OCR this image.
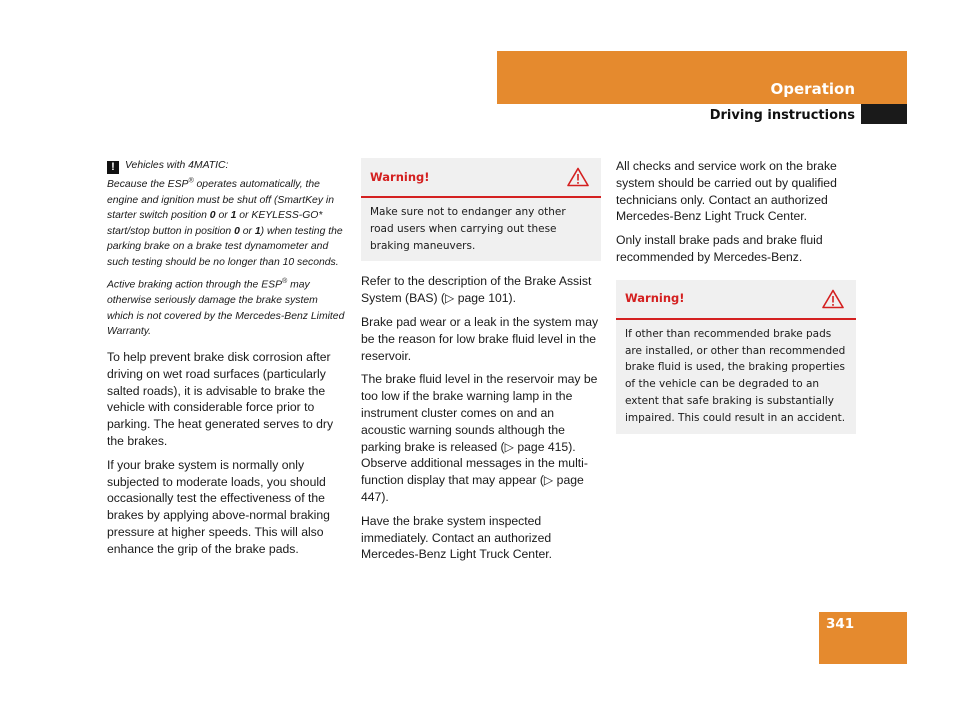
Operation
Driving instructions
! Vehicles with 4MATIC:
Because the ESP® operates automatically, the engine and ignition must be shut off (SmartKey in starter switch position 0 or 1 or KEYLESS-GO* start/stop button in position 0 or 1) when testing the parking brake on a brake test dynamometer and such testing should be no longer than 10 seconds.
Active braking action through the ESP® may otherwise seriously damage the brake system which is not covered by the Mercedes-Benz Limited Warranty.

To help prevent brake disk corrosion after driving on wet road surfaces (particularly salted roads), it is advisable to brake the vehicle with considerable force prior to parking. The heat generated serves to dry the brakes.

If your brake system is normally only subjected to moderate loads, you should occasionally test the effectiveness of the brakes by applying above-normal braking pressure at higher speeds. This will also enhance the grip of the brake pads.

Warning!
Make sure not to endanger any other road users when carrying out these braking maneuvers.

Refer to the description of the Brake Assist System (BAS) (▷ page 101).

Brake pad wear or a leak in the system may be the reason for low brake fluid level in the reservoir.

The brake fluid level in the reservoir may be too low if the brake warning lamp in the instrument cluster comes on and an acoustic warning sounds although the parking brake is released (▷ page 415). Observe additional messages in the multi-function display that may appear (▷ page 447).

Have the brake system inspected immediately. Contact an authorized Mercedes-Benz Light Truck Center.

All checks and service work on the brake system should be carried out by qualified technicians only. Contact an authorized Mercedes-Benz Light Truck Center.

Only install brake pads and brake fluid recommended by Mercedes-Benz.

Warning!
If other than recommended brake pads are installed, or other than recommended brake fluid is used, the braking properties of the vehicle can be degraded to an extent that safe braking is substantially impaired. This could result in an accident.
341
